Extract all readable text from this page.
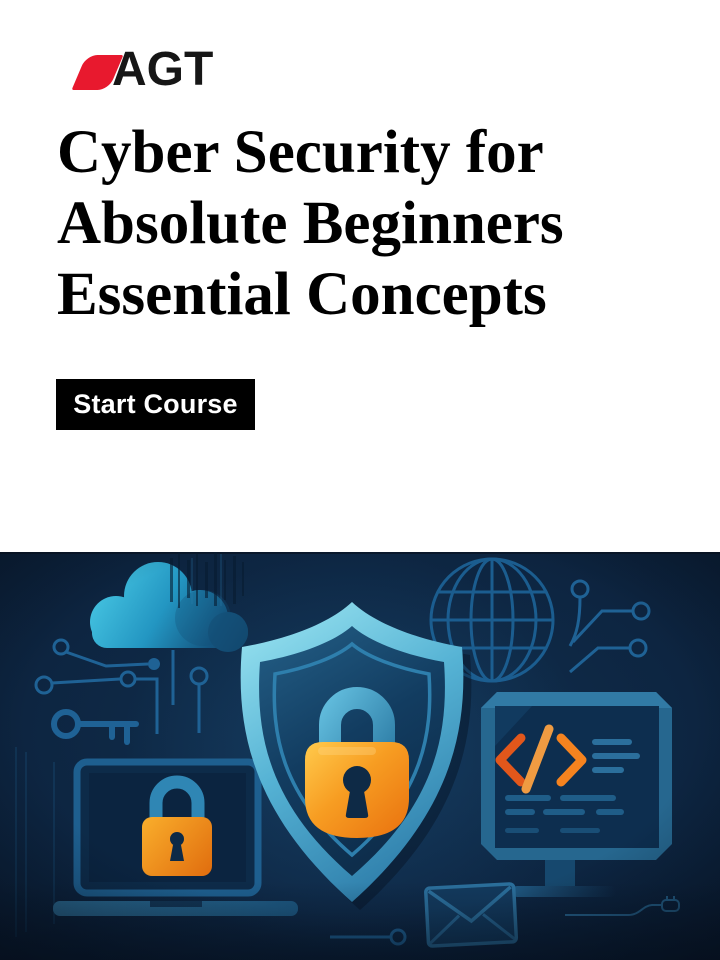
AGT
Cyber Security for
Absolute Beginners
Essential Concepts
Start Course
